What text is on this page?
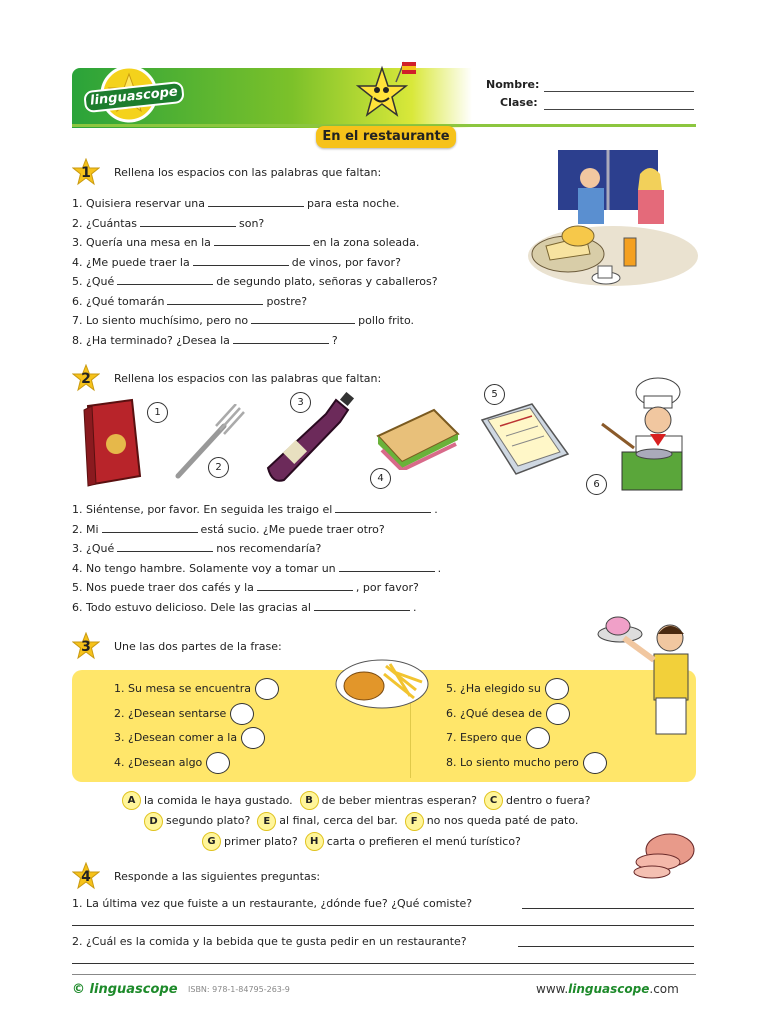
linguascope
En el restaurante
Nombre:
Clase:
1	Rellena los espacios con las palabras que faltan:
1. Quisiera reservar una	para esta noche.
2. ¿Cuántas	son?
3. Quería una mesa en la	en la zona soleada.
4. ¿Me puede traer la	de vinos, por favor?
5. ¿Qué	de segundo plato, señoras y caballeros?
6. ¿Qué tomarán	postre?
7. Lo siento muchísimo, pero no	pollo frito.
8. ¿Ha terminado? ¿Desea la	?
2	Rellena los espacios con las palabras que faltan:
1
2
3
4
5
6
1. Siéntense, por favor. En seguida les traigo el	.
2. Mi	está sucio. ¿Me puede traer otro?
3. ¿Qué	nos recomendaría?
4. No tengo hambre. Solamente voy a tomar un	.
5. Nos puede traer dos cafés y la	, por favor?
6. Todo estuvo delicioso. Dele las gracias al	.
3	Une las dos partes de la frase:
1. Su mesa se encuentra
2. ¿Desean sentarse
3. ¿Desean comer a la
4. ¿Desean algo
5. ¿Ha elegido su
6. ¿Qué desea de
7. Espero que
8. Lo siento mucho pero
A la comida le haya gustado. B de beber mientras esperan? C dentro o fuera?
D segundo plato? E al final, cerca del bar. F no nos queda paté de pato.
G primer plato? H carta o prefieren el menú turístico?
4	Responde a las siguientes preguntas:
1. La última vez que fuiste a un restaurante, ¿dónde fue? ¿Qué comiste?
2. ¿Cuál es la comida y la bebida que te gusta pedir en un restaurante?
© linguascope ISBN: 978-1-84795-263-9	www.linguascope.com
